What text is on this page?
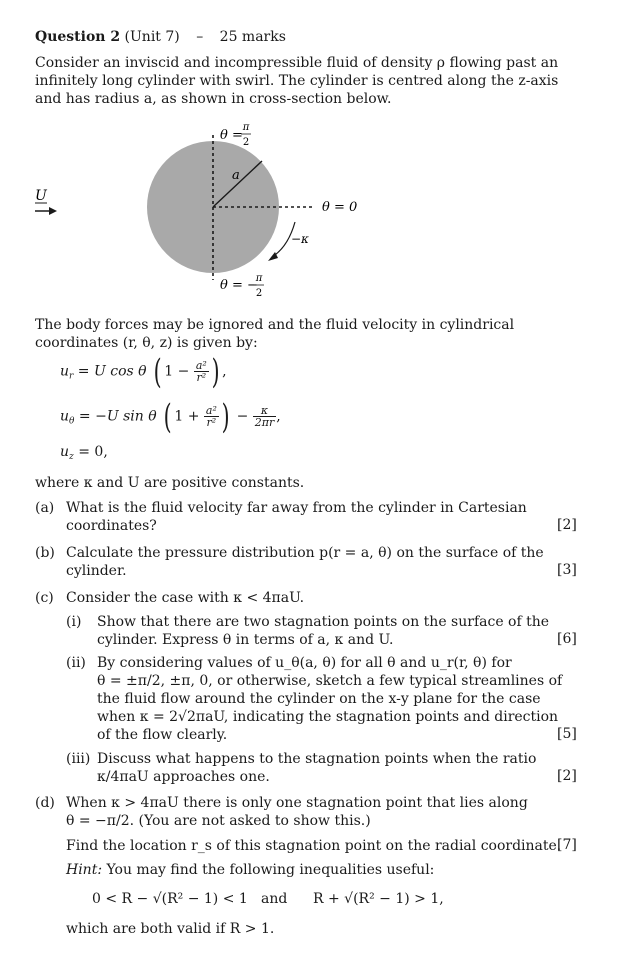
Question 2 (Unit 7) – 25 marks
Consider an inviscid and incompressible fluid of density ρ flowing past an
infinitely long cylinder with swirl. The cylinder is centred along the z-axis
and has radius a, as shown in cross-section below.
a
θ =
π
2
θ = −
π
2
θ = 0
−κ
U
The body forces may be ignored and the fluid velocity in cylindrical
coordinates (r, θ, z) is given by:
$u_r = U$ cos θ ( $1 - \frac{\text{a²}}{\text{r²}}$ ) ,
$u_\theta = -U$ sin θ ( $1 + \frac{\text{a²}}{\text{r²}}$ ) − $\frac{\kappa}{2\pi r}$ ,
$u_z = 0$,
where κ and U are positive constants.
(a) What is the fluid velocity far away from the cylinder in Cartesian
coordinates?	[2]
(b) Calculate the pressure distribution p(r = a, θ) on the surface of the
cylinder.	[3]
(c) Consider the case with κ < 4πaU.
(i) Show that there are two stagnation points on the surface of the
cylinder. Express θ in terms of a, κ and U.	[6]
(ii) By considering values of u_θ(a, θ) for all θ and u_r(r, θ) for
θ = ±π/2, ±π, 0, or otherwise, sketch a few typical streamlines of
the fluid flow around the cylinder on the x-y plane for the case
when κ = 2√2πaU, indicating the stagnation points and direction
of the flow clearly.	[5]
(iii) Discuss what happens to the stagnation points when the ratio
κ/4πaU approaches one.	[2]
(d) When κ > 4πaU there is only one stagnation point that lies along
θ = −π/2. (You are not asked to show this.)
Find the location r_s of this stagnation point on the radial coordinate.
[7]
Hint: You may find the following inequalities useful:
0 < R − √(R² − 1) < 1 and R + √(R² − 1) > 1,
which are both valid if R > 1.
